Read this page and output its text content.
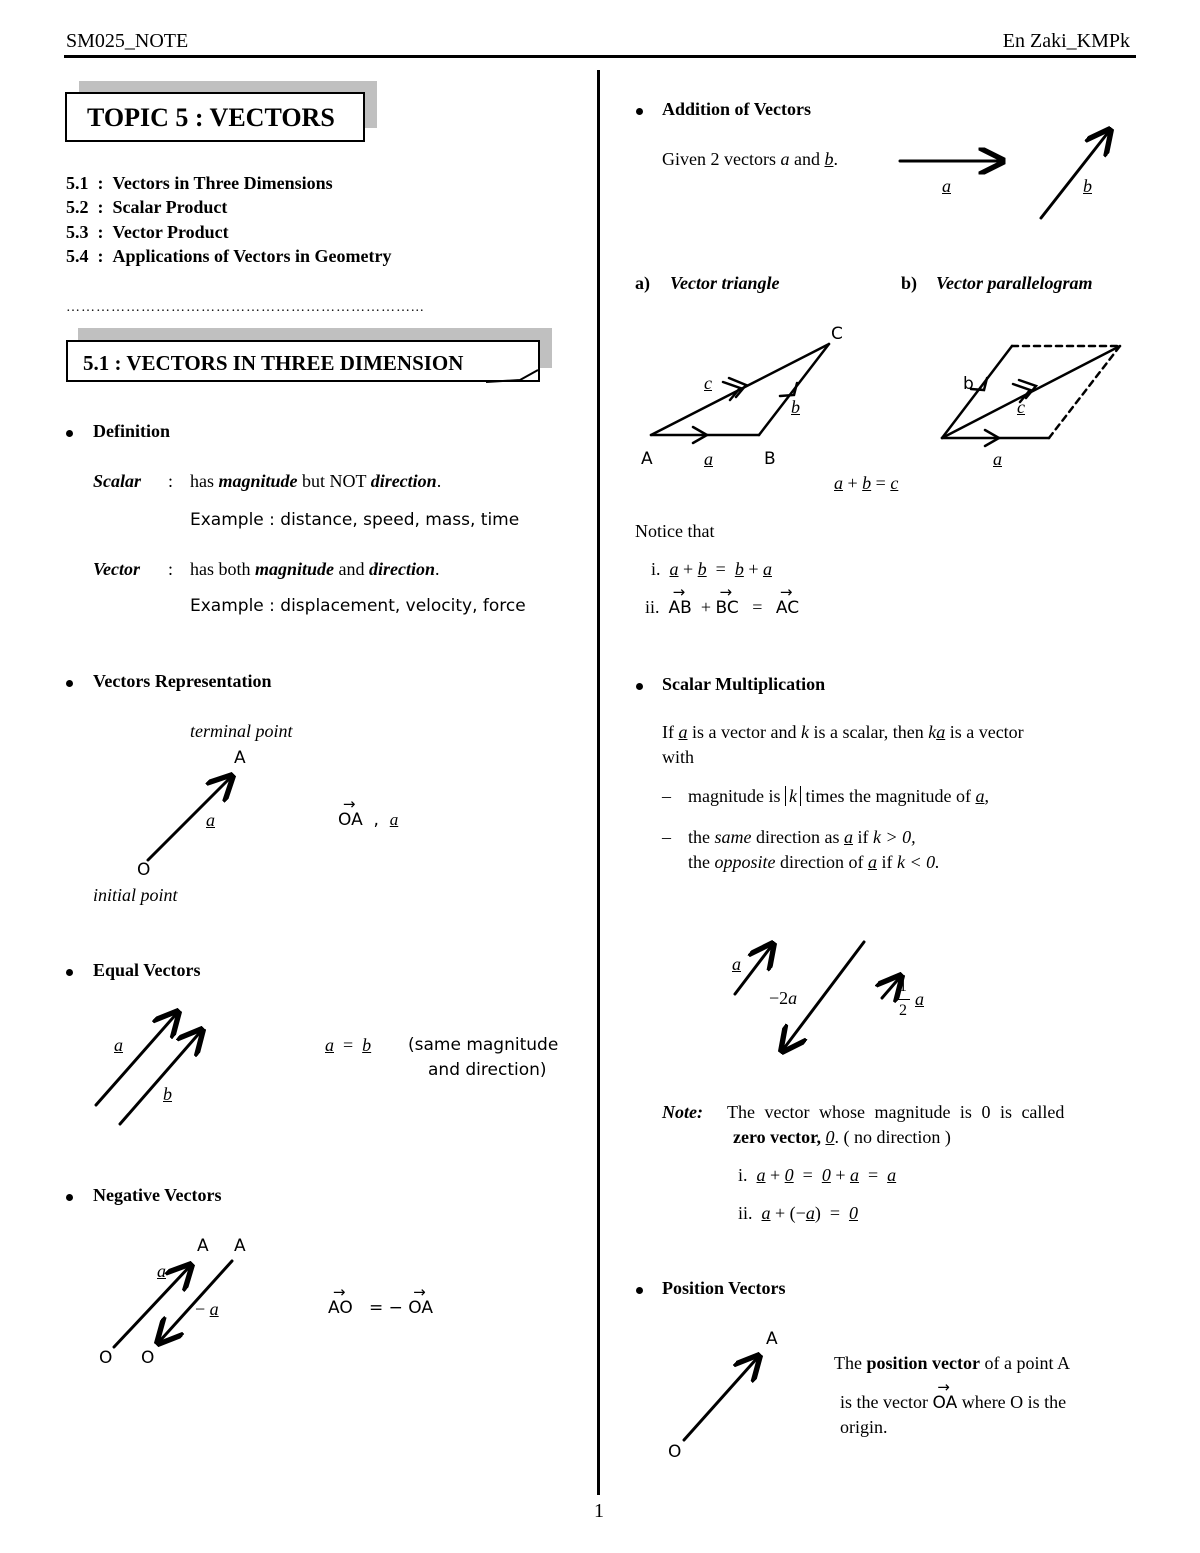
SM025_NOTE	En Zaki_KMPk
1
TOPIC 5 : VECTORS
5.1 : Vectors in Three Dimensions
5.2 : Scalar Product
5.3 : Vector Product
5.4 : Applications of Vectors in Geometry
……………………………………………………………...
5.1 : VECTORS IN THREE DIMENSION
Definition
Scalar : has magnitude but NOT direction.
Example : distance, speed, mass, time
Vector : has both magnitude and direction.
Example : displacement, velocity, force
Vectors Representation
terminal point
A
a
O
initial point
→ OA , a
Equal Vectors
a
b
a = b (same magnitude
and direction)
Negative Vectors
A A
a
− a
O O
→ AO = − → OA
Addition of Vectors
Given 2 vectors a and b.
a	b
a) Vector triangle	b) Vector parallelogram
C
c
b
A	a	B
b
c
a
a + b = c
Notice that
i. a + b = b + a
ii. → AB + → BC = → AC
Scalar Multiplication
If a is a vector and k is a scalar, then ka is a vector
with
– magnitude is k times the magnitude of a,
– the same direction as a if k > 0,
the opposite direction of a if k < 0.
a
−2a
1
2
a
Note: The vector whose magnitude is 0 is called
zero vector, 0. ( no direction )
i. a + 0 = 0 + a = a
ii. a + (−a) = 0
Position Vectors
A
O
The position vector of a point A
is the vector → OA where O is the
origin.
